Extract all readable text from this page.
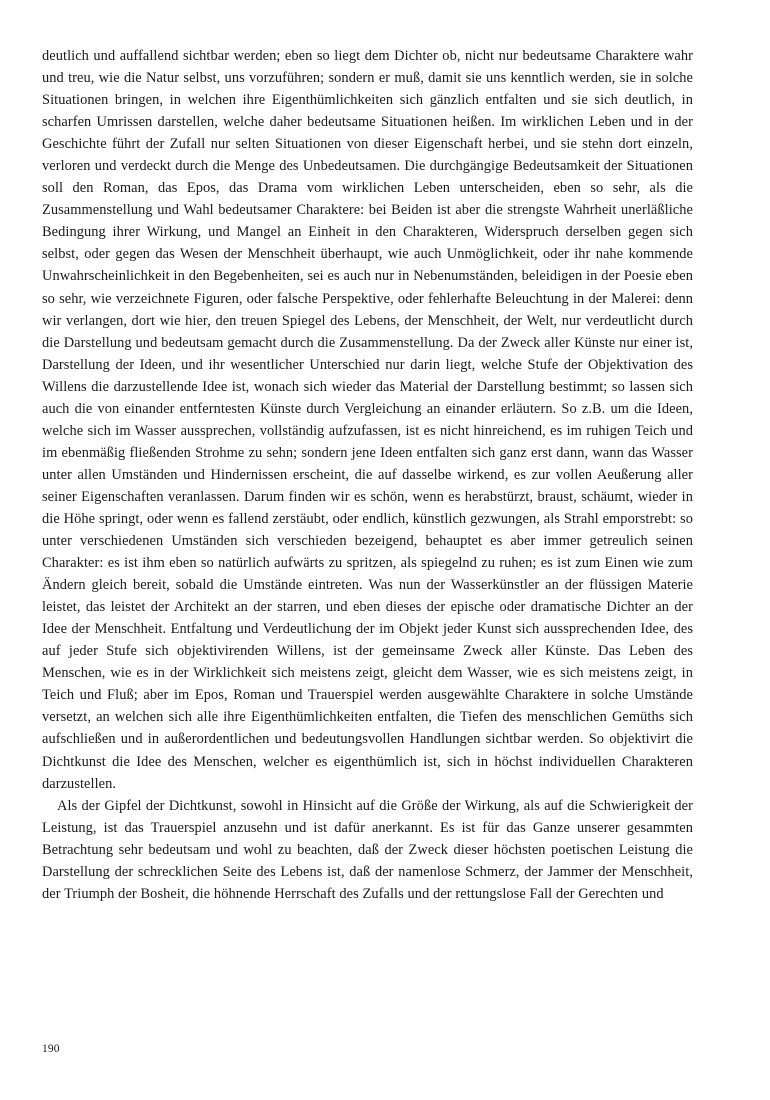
deutlich und auffallend sichtbar werden; eben so liegt dem Dichter ob, nicht nur bedeutsame Charaktere wahr und treu, wie die Natur selbst, uns vorzuführen; sondern er muß, damit sie uns kenntlich werden, sie in solche Situationen bringen, in welchen ihre Eigenthümlichkeiten sich gänzlich entfalten und sie sich deutlich, in scharfen Umrissen darstellen, welche daher bedeutsame Situationen heißen. Im wirklichen Leben und in der Geschichte führt der Zufall nur selten Situationen von dieser Eigenschaft herbei, und sie stehn dort einzeln, verloren und verdeckt durch die Menge des Unbedeutsamen. Die durchgängige Bedeutsamkeit der Situationen soll den Roman, das Epos, das Drama vom wirklichen Leben unterscheiden, eben so sehr, als die Zusammenstellung und Wahl bedeutsamer Charaktere: bei Beiden ist aber die strengste Wahrheit unerläßliche Bedingung ihrer Wirkung, und Mangel an Einheit in den Charakteren, Widerspruch derselben gegen sich selbst, oder gegen das Wesen der Menschheit überhaupt, wie auch Unmöglichkeit, oder ihr nahe kommende Unwahrscheinlichkeit in den Begebenheiten, sei es auch nur in Nebenumständen, beleidigen in der Poesie eben so sehr, wie verzeichnete Figuren, oder falsche Perspektive, oder fehlerhafte Beleuchtung in der Malerei: denn wir verlangen, dort wie hier, den treuen Spiegel des Lebens, der Menschheit, der Welt, nur verdeutlicht durch die Darstellung und bedeutsam gemacht durch die Zusammenstellung. Da der Zweck aller Künste nur einer ist, Darstellung der Ideen, und ihr wesentlicher Unterschied nur darin liegt, welche Stufe der Objektivation des Willens die darzustellende Idee ist, wonach sich wieder das Material der Darstellung bestimmt; so lassen sich auch die von einander entferntesten Künste durch Vergleichung an einander erläutern. So z.B. um die Ideen, welche sich im Wasser aussprechen, vollständig aufzufassen, ist es nicht hinreichend, es im ruhigen Teich und im ebenmäßig fließenden Strohme zu sehn; sondern jene Ideen entfalten sich ganz erst dann, wann das Wasser unter allen Umständen und Hindernissen erscheint, die auf dasselbe wirkend, es zur vollen Aeußerung aller seiner Eigenschaften veranlassen. Darum finden wir es schön, wenn es herabstürzt, braust, schäumt, wieder in die Höhe springt, oder wenn es fallend zerstäubt, oder endlich, künstlich gezwungen, als Strahl emporstrebt: so unter verschiedenen Umständen sich verschieden bezeigend, behauptet es aber immer getreulich seinen Charakter: es ist ihm eben so natürlich aufwärts zu spritzen, als spiegelnd zu ruhen; es ist zum Einen wie zum Ändern gleich bereit, sobald die Umstände eintreten. Was nun der Wasserkünstler an der flüssigen Materie leistet, das leistet der Architekt an der starren, und eben dieses der epische oder dramatische Dichter an der Idee der Menschheit. Entfaltung und Verdeutlichung der im Objekt jeder Kunst sich aussprechenden Idee, des auf jeder Stufe sich objektivirenden Willens, ist der gemeinsame Zweck aller Künste. Das Leben des Menschen, wie es in der Wirklichkeit sich meistens zeigt, gleicht dem Wasser, wie es sich meistens zeigt, in Teich und Fluß; aber im Epos, Roman und Trauerspiel werden ausgewählte Charaktere in solche Umstände versetzt, an welchen sich alle ihre Eigenthümlichkeiten entfalten, die Tiefen des menschlichen Gemüths sich aufschließen und in außerordentlichen und bedeutungsvollen Handlungen sichtbar werden. So objektivirt die Dichtkunst die Idee des Menschen, welcher es eigenthümlich ist, sich in höchst individuellen Charakteren darzustellen.

Als der Gipfel der Dichtkunst, sowohl in Hinsicht auf die Größe der Wirkung, als auf die Schwierigkeit der Leistung, ist das Trauerspiel anzusehn und ist dafür anerkannt. Es ist für das Ganze unserer gesammten Betrachtung sehr bedeutsam und wohl zu beachten, daß der Zweck dieser höchsten poetischen Leistung die Darstellung der schrecklichen Seite des Lebens ist, daß der namenlose Schmerz, der Jammer der Menschheit, der Triumph der Bosheit, die höhnende Herrschaft des Zufalls und der rettungslose Fall der Gerechten und

190
